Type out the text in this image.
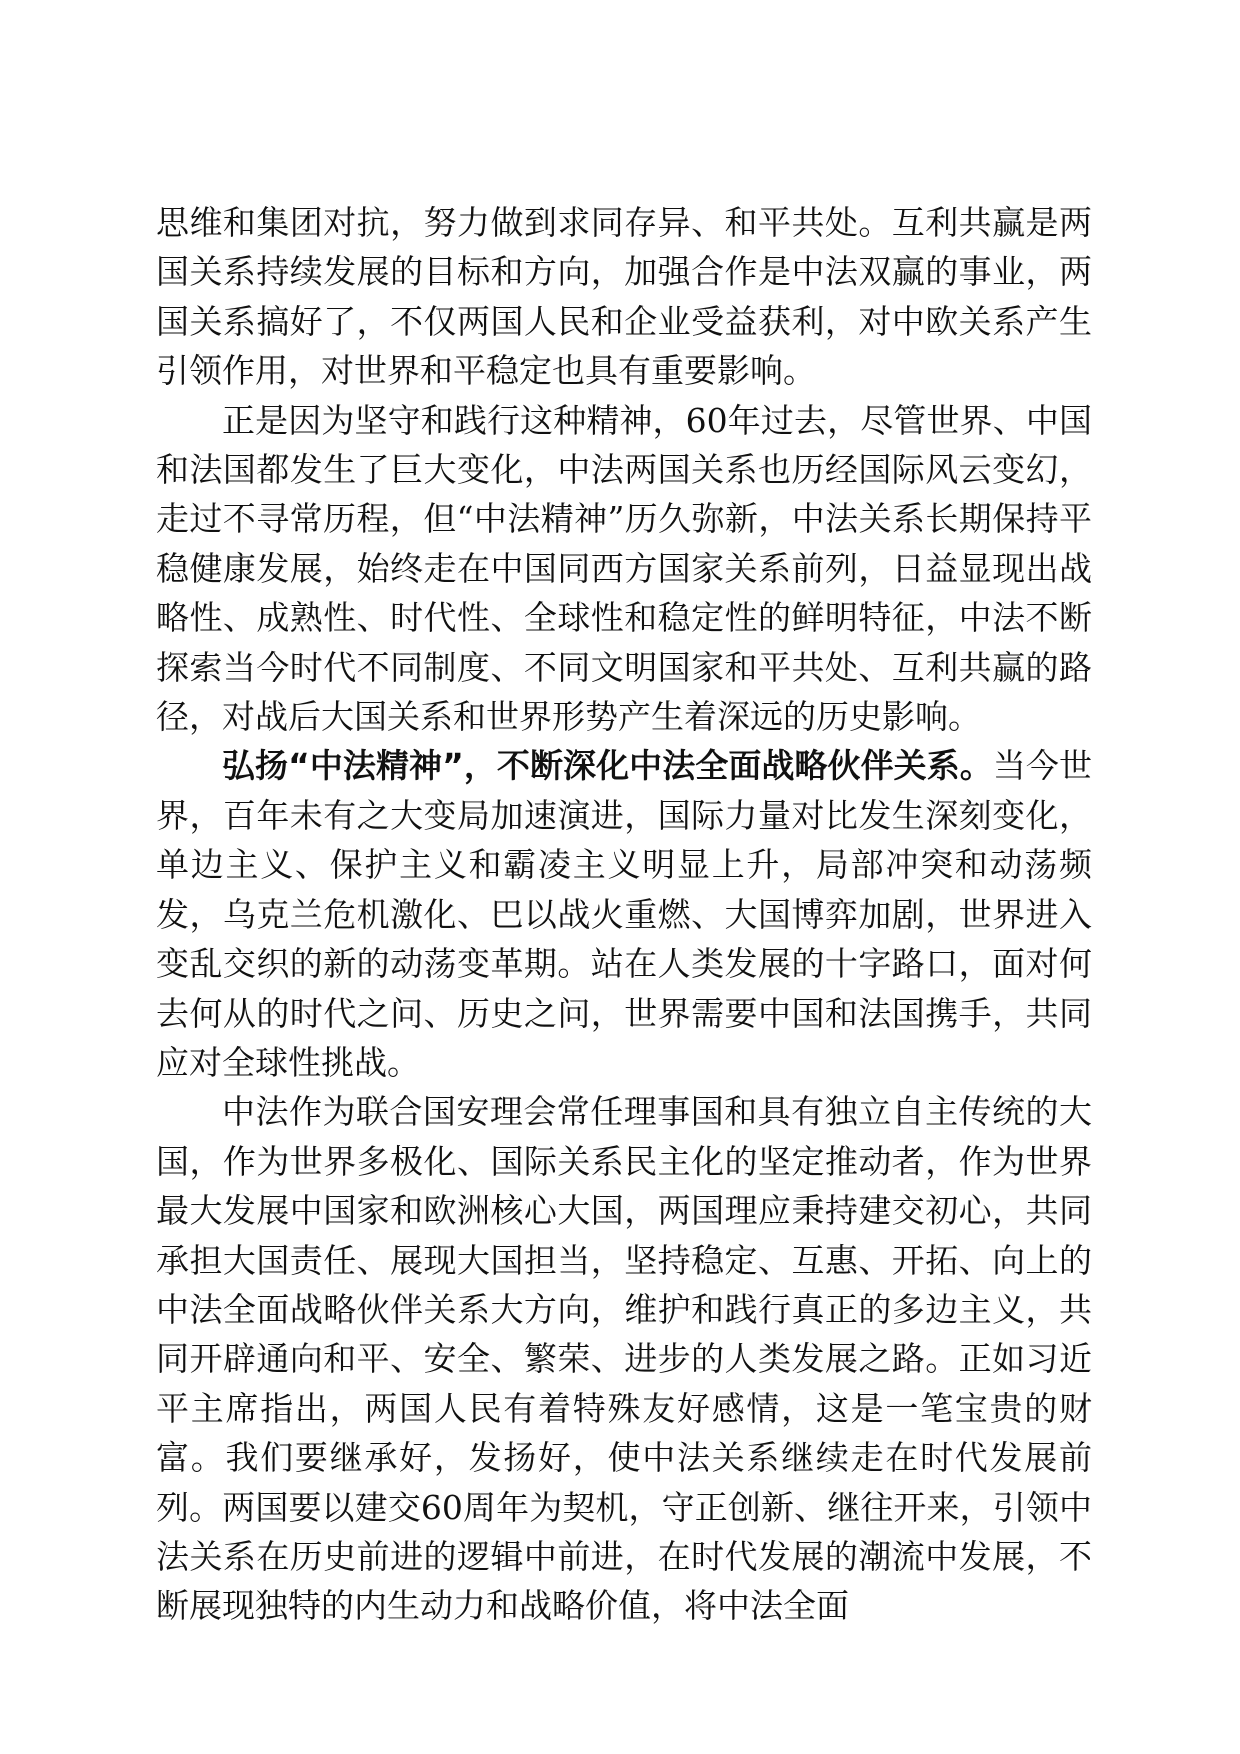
思维和集团对抗，努力做到求同存异、和平共处。互利共赢是两国关系持续发展的目标和方向，加强合作是中法双赢的事业，两国关系搞好了，不仅两国人民和企业受益获利，对中欧关系产生引领作用，对世界和平稳定也具有重要影响。

正是因为坚守和践行这种精神，60年过去，尽管世界、中国和法国都发生了巨大变化，中法两国关系也历经国际风云变幻，走过不寻常历程，但“中法精神”历久弥新，中法关系长期保持平稳健康发展，始终走在中国同西方国家关系前列，日益显现出战略性、成熟性、时代性、全球性和稳定性的鲜明特征，中法不断探索当今时代不同制度、不同文明国家和平共处、互利共赢的路径，对战后大国关系和世界形势产生着深远的历史影响。

弘扬“中法精神”，不断深化中法全面战略伙伴关系。当今世界，百年未有之大变局加速演进，国际力量对比发生深刻变化，单边主义、保护主义和霸凌主义明显上升，局部冲突和动荡频发，乌克兰危机激化、巴以战火重燃、大国博弈加剧，世界进入变乱交织的新的动荡变革期。站在人类发展的十字路口，面对何去何从的时代之问、历史之问，世界需要中国和法国携手，共同应对全球性挑战。

中法作为联合国安理会常任理事国和具有独立自主传统的大国，作为世界多极化、国际关系民主化的坚定推动者，作为世界最大发展中国家和欧洲核心大国，两国理应秉持建交初心，共同承担大国责任、展现大国担当，坚持稳定、互惠、开拓、向上的中法全面战略伙伴关系大方向，维护和践行真正的多边主义，共同开辟通向和平、安全、繁荣、进步的人类发展之路。正如习近平主席指出，两国人民有着特殊友好感情，这是一笔宝贵的财富。我们要继承好，发扬好，使中法关系继续走在时代发展前列。两国要以建交60周年为契机，守正创新、继往开来，引领中法关系在历史前进的逻辑中前进，在时代发展的潮流中发展，不断展现独特的内生动力和战略价值，将中法全面
